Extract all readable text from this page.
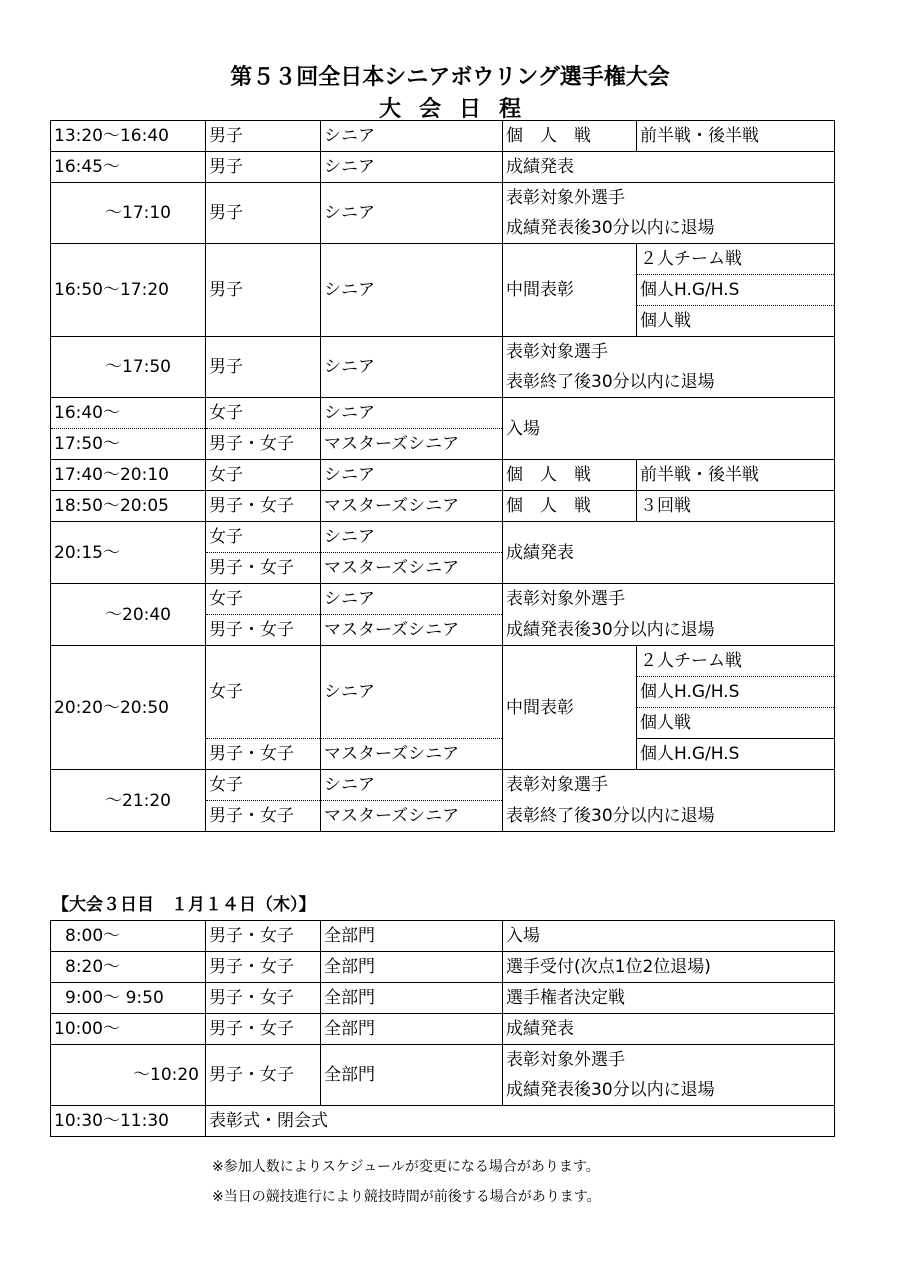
第５３回全日本シニアボウリング選手権大会
大会日程
13:20〜16:40	男子	シニア	個　人　戦	前半戦・後半戦
16:45〜	男子	シニア	成績発表	
〜17:10	男子	シニア	表彰対象外選手	
			成績発表後30分以内に退場	
16:50〜17:20	男子	シニア	中間表彰	２人チーム戦
				個人H.G/H.S
				個人戦
〜17:50	男子	シニア	表彰対象選手	
			表彰終了後30分以内に退場	
16:40〜	女子	シニア	入場	
17:50〜	男子・女子	マスターズシニア		
17:40〜20:10	女子	シニア	個　人　戦	前半戦・後半戦
18:50〜20:05	男子・女子	マスターズシニア	個　人　戦	３回戦
20:15〜	女子	シニア	成績発表	
	男子・女子	マスターズシニア		
〜20:40	女子	シニア	表彰対象外選手	
	男子・女子	マスターズシニア	成績発表後30分以内に退場	
20:20〜20:50	女子	シニア	中間表彰	２人チーム戦
				個人H.G/H.S
				個人戦
	男子・女子	マスターズシニア		個人H.G/H.S
〜21:20	女子	シニア	表彰対象選手	
	男子・女子	マスターズシニア	表彰終了後30分以内に退場	
【大会３日目　１月１４日（木）】
8:00〜	男子・女子	全部門	入場
8:20〜	男子・女子	全部門	選手受付(次点1位2位退場)
9:00〜 9:50	男子・女子	全部門	選手権者決定戦
10:00〜	男子・女子	全部門	成績発表
〜10:20	男子・女子	全部門	表彰対象外選手
			成績発表後30分以内に退場
10:30〜11:30	表彰式・閉会式		
※参加人数によりスケジュールが変更になる場合があります。
※当日の競技進行により競技時間が前後する場合があります。
